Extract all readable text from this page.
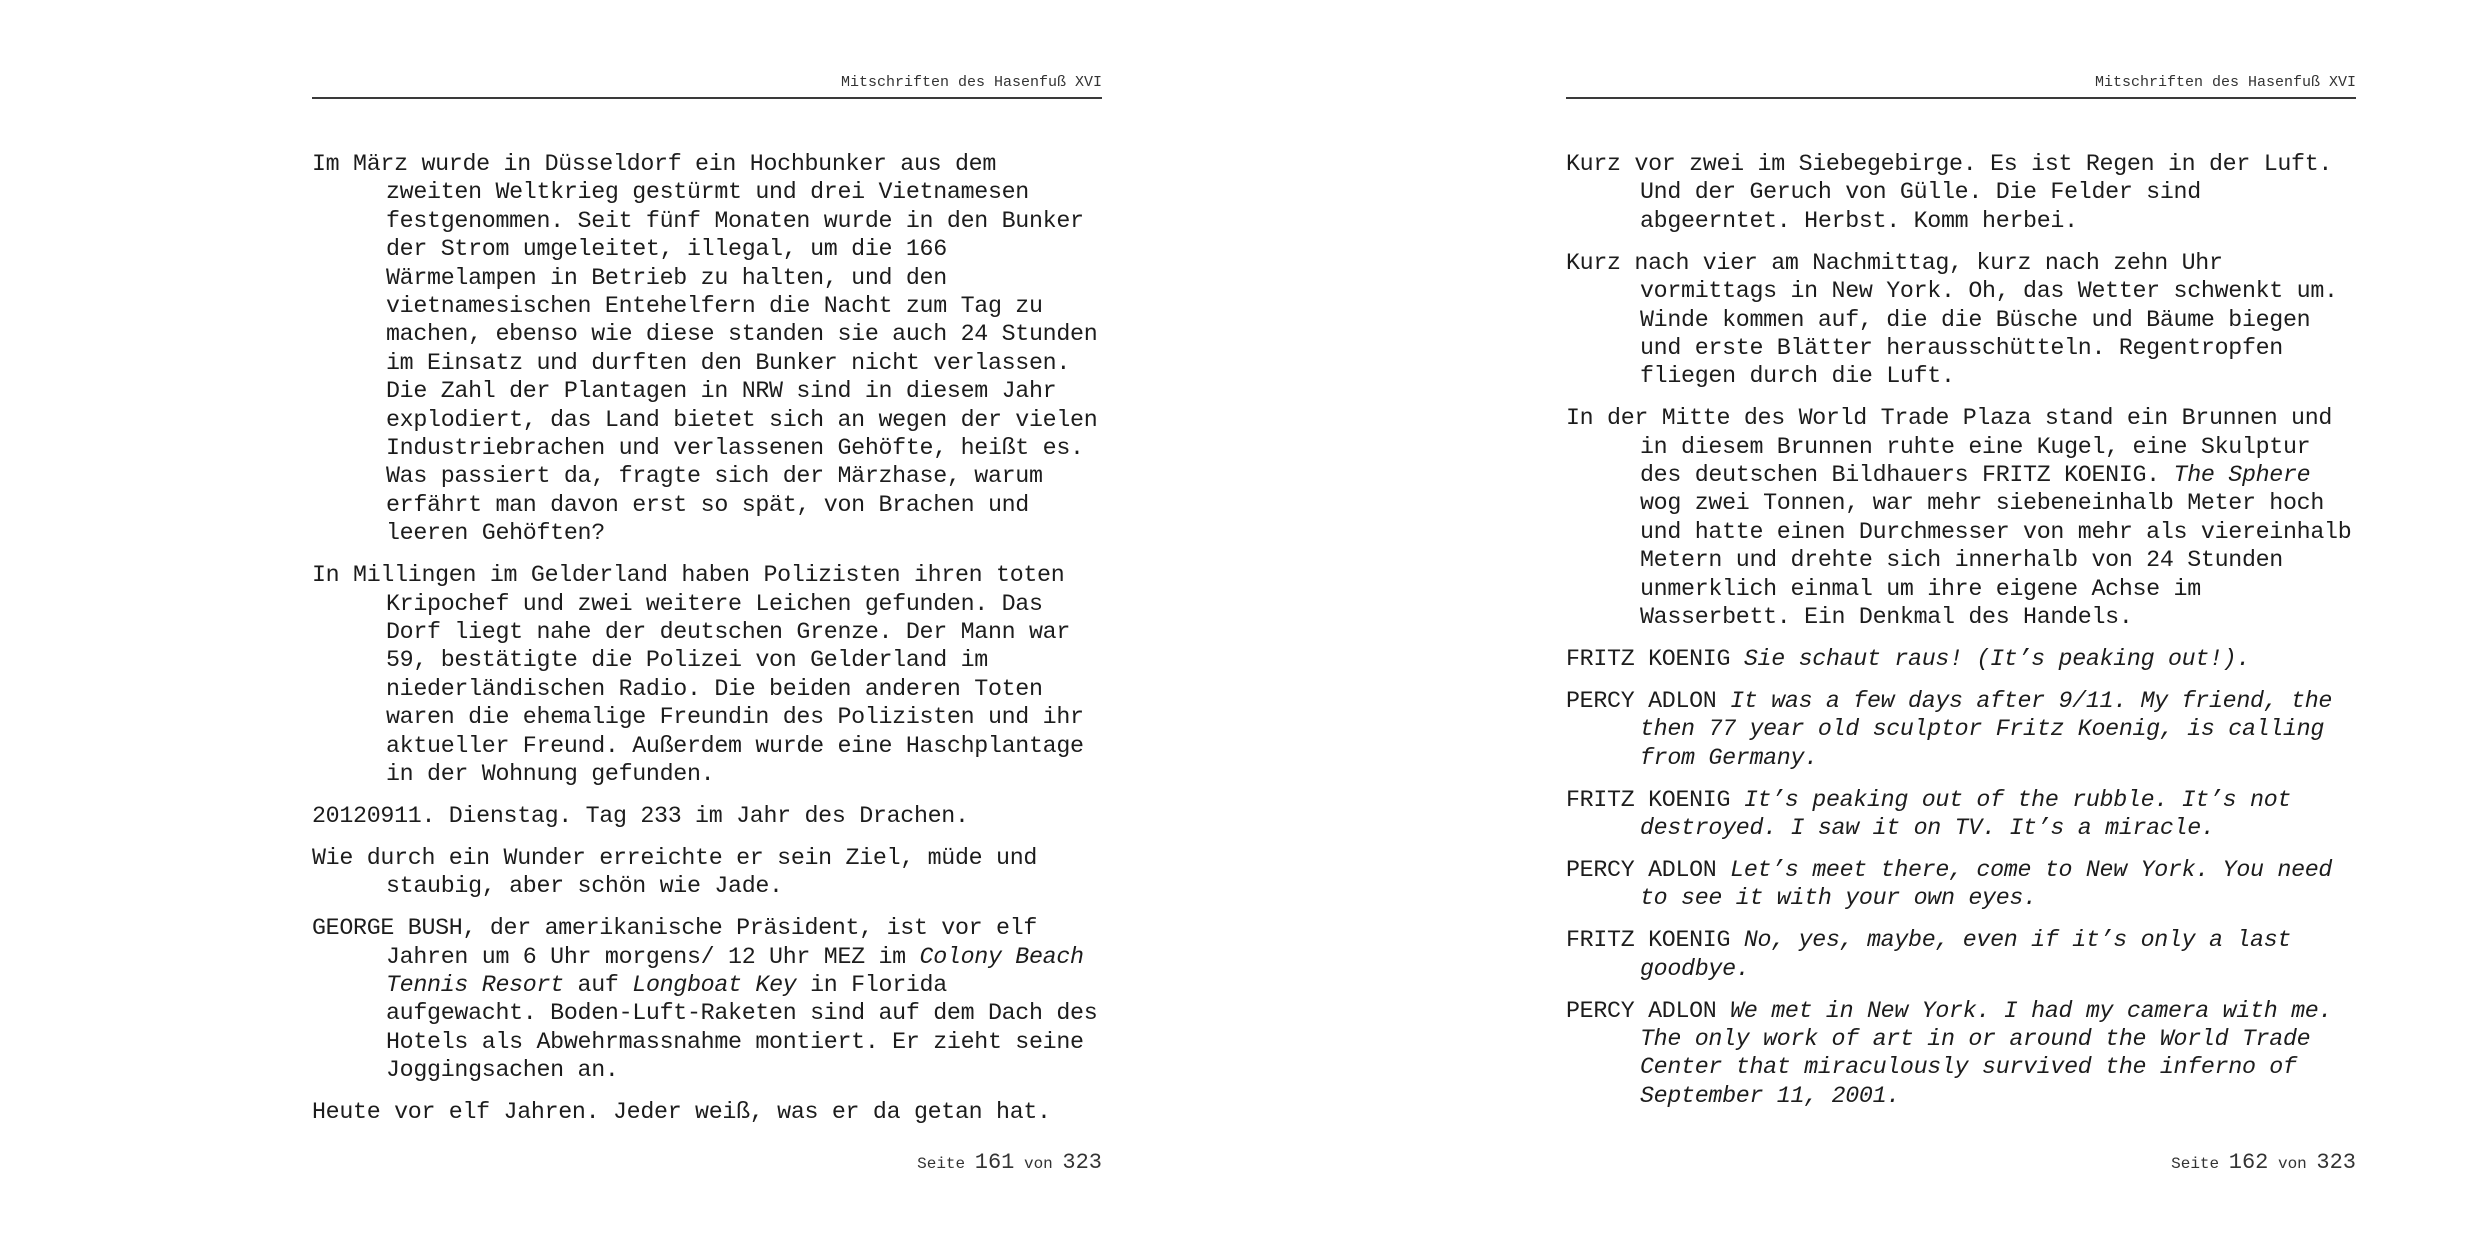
Mitschriften des Hasenfuß XVI

Im März wurde in Düsseldorf ein Hochbunker aus dem zweiten Weltkrieg gestürmt und drei Vietnamesen festgenommen. Seit fünf Monaten wurde in den Bunker der Strom umgeleitet, illegal, um die 166 Wärmelampen in Betrieb zu halten, und den vietnamesischen Entehelfern die Nacht zum Tag zu machen, ebenso wie diese standen sie auch 24 Stunden im Einsatz und durften den Bunker nicht verlassen. Die Zahl der Plantagen in NRW sind in diesem Jahr explodiert, das Land bietet sich an wegen der vielen Industriebrachen und verlassenen Gehöfte, heißt es. Was passiert da, fragte sich der Märzhase, warum erfährt man davon erst so spät, von Brachen und leeren Gehöften?

In Millingen im Gelderland haben Polizisten ihren toten Kripochef und zwei weitere Leichen gefunden. Das Dorf liegt nahe der deutschen Grenze. Der Mann war 59, bestätigte die Polizei von Gelderland im niederländischen Radio. Die beiden anderen Toten waren die ehemalige Freundin des Polizisten und ihr aktueller Freund. Außerdem wurde eine Haschplantage in der Wohnung gefunden.

20120911. Dienstag. Tag 233 im Jahr des Drachen.

Wie durch ein Wunder erreichte er sein Ziel, müde und staubig, aber schön wie Jade.

GEORGE BUSH, der amerikanische Präsident, ist vor elf Jahren um 6 Uhr morgens/ 12 Uhr MEZ im Colony Beach Tennis Resort auf Longboat Key in Florida aufgewacht. Boden-Luft-Raketen sind auf dem Dach des Hotels als Abwehrmassnahme montiert. Er zieht seine Joggingsachen an.

Heute vor elf Jahren. Jeder weiß, was er da getan hat.

Seite 161 von 323
Mitschriften des Hasenfuß XVI

Kurz vor zwei im Siebegebirge. Es ist Regen in der Luft. Und der Geruch von Gülle. Die Felder sind abgeerntet. Herbst. Komm herbei.

Kurz nach vier am Nachmittag, kurz nach zehn Uhr vormittags in New York. Oh, das Wetter schwenkt um. Winde kommen auf, die die Büsche und Bäume biegen und erste Blätter herausschütteln. Regentropfen fliegen durch die Luft.

In der Mitte des World Trade Plaza stand ein Brunnen und in diesem Brunnen ruhte eine Kugel, eine Skulptur des deutschen Bildhauers FRITZ KOENIG. The Sphere wog zwei Tonnen, war mehr siebeneinhalb Meter hoch und hatte einen Durchmesser von mehr als viereinhalb Metern und drehte sich innerhalb von 24 Stunden unmerklich einmal um ihre eigene Achse im Wasserbett. Ein Denkmal des Handels.

FRITZ KOENIG Sie schaut raus! (It’s peaking out!).

PERCY ADLON It was a few days after 9/11. My friend, the then 77 year old sculptor Fritz Koenig, is calling from Germany.

FRITZ KOENIG It’s peaking out of the rubble. It’s not destroyed. I saw it on TV. It’s a miracle.

PERCY ADLON Let’s meet there, come to New York. You need to see it with your own eyes.

FRITZ KOENIG No, yes, maybe, even if it’s only a last goodbye.

PERCY ADLON We met in New York. I had my camera with me. The only work of art in or around the World Trade Center that miraculously survived the inferno of September 11, 2001.

Seite 162 von 323
